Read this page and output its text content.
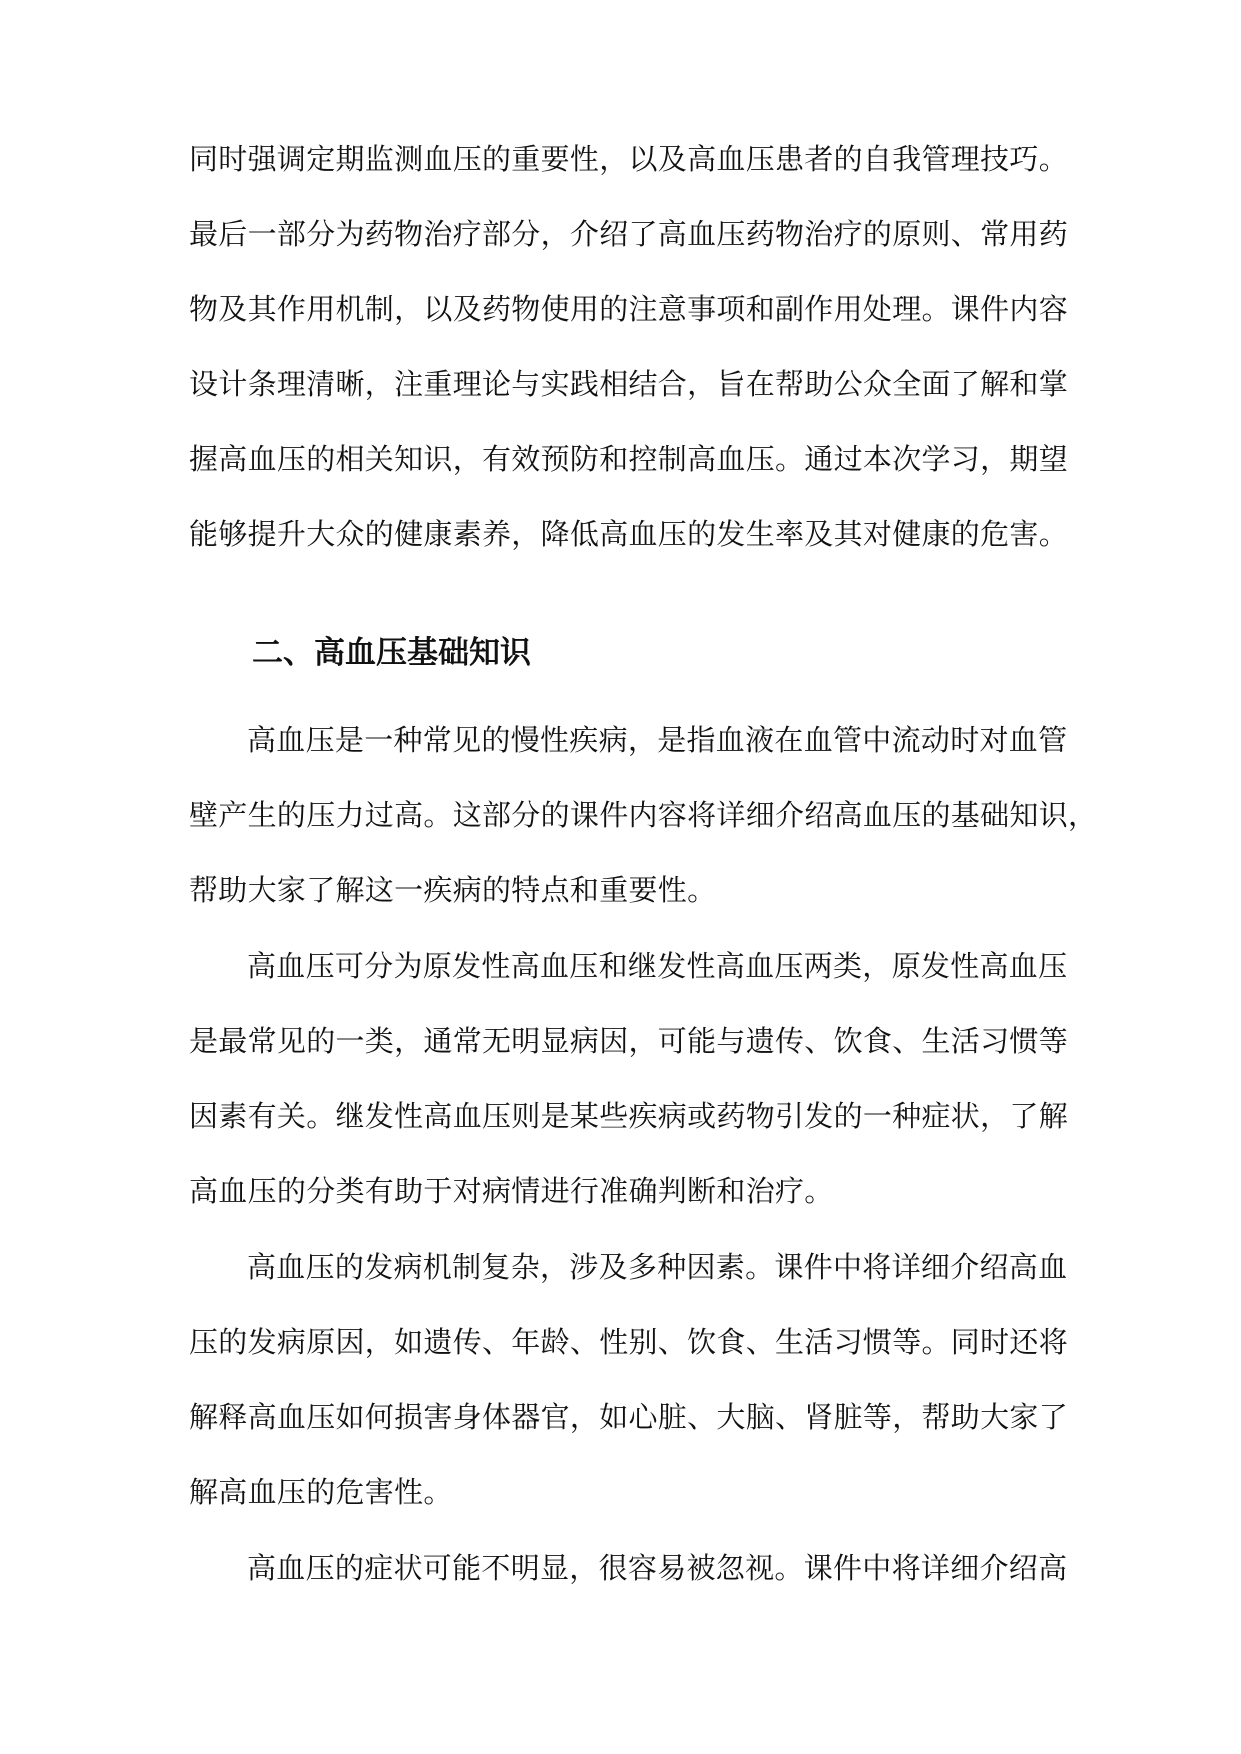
同时强调定期监测血压的重要性，以及高血压患者的自我管理技巧。
最后一部分为药物治疗部分，介绍了高血压药物治疗的原则、常用药
物及其作用机制，以及药物使用的注意事项和副作用处理。课件内容
设计条理清晰，注重理论与实践相结合，旨在帮助公众全面了解和掌
握高血压的相关知识，有效预防和控制高血压。通过本次学习，期望
能够提升大众的健康素养，降低高血压的发生率及其对健康的危害。
二、高血压基础知识
高血压是一种常见的慢性疾病，是指血液在血管中流动时对血管
壁产生的压力过高。这部分的课件内容将详细介绍高血压的基础知识，
帮助大家了解这一疾病的特点和重要性。
高血压可分为原发性高血压和继发性高血压两类，原发性高血压
是最常见的一类，通常无明显病因，可能与遗传、饮食、生活习惯等
因素有关。继发性高血压则是某些疾病或药物引发的一种症状，了解
高血压的分类有助于对病情进行准确判断和治疗。
高血压的发病机制复杂，涉及多种因素。课件中将详细介绍高血
压的发病原因，如遗传、年龄、性别、饮食、生活习惯等。同时还将
解释高血压如何损害身体器官，如心脏、大脑、肾脏等，帮助大家了
解高血压的危害性。
高血压的症状可能不明显，很容易被忽视。课件中将详细介绍高
